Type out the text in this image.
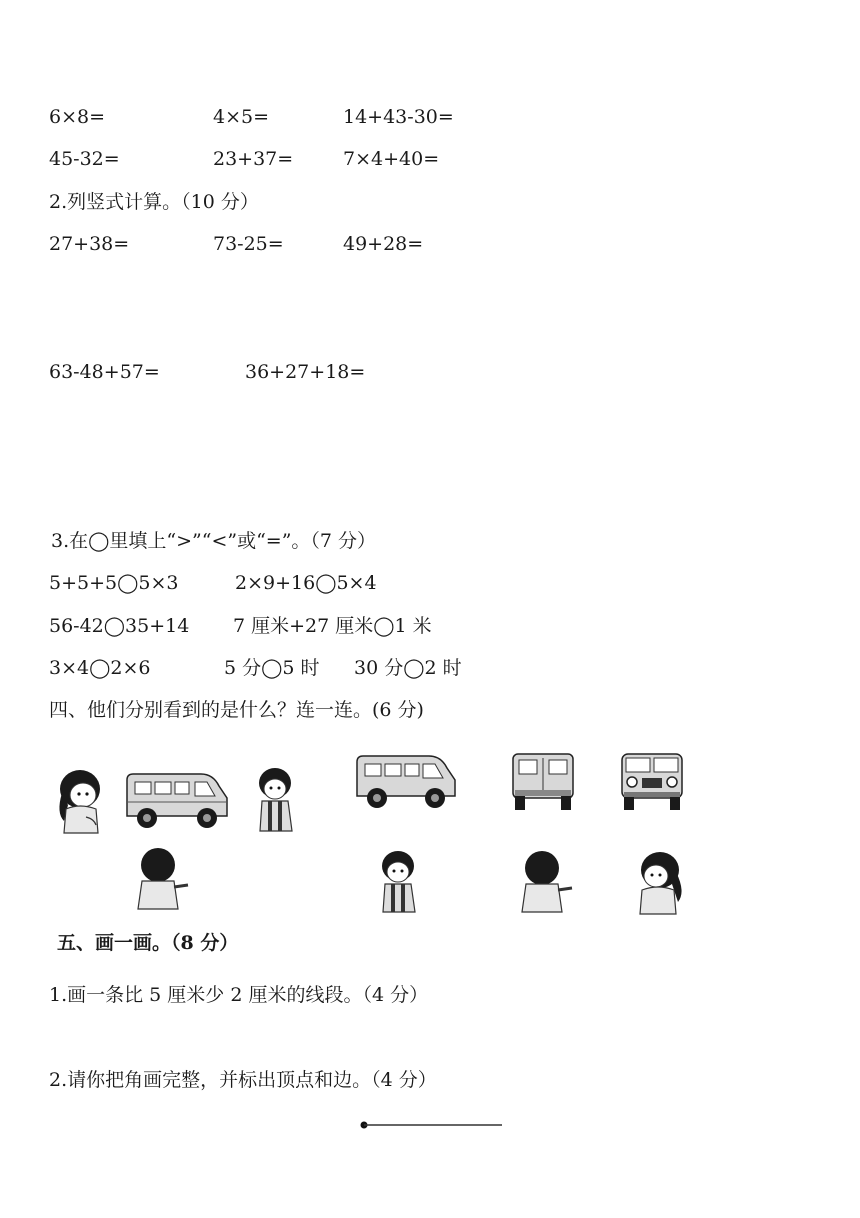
6×8=	4×5=	14+43-30=
45-32=	23+37=	7×4+40=
2.列竖式计算。（10 分）
27+38=	73-25=	49+28=
63-48+57=	36+27+18=
3.在◯里填上“>”“<”或“=”。（7 分）
5+5+5◯5×3	2×9+16◯5×4
56-42◯35+14 7 厘米+27 厘米◯1 米
3×4◯2×6	5 分◯5 时 30 分◯2 时
四、他们分别看到的是什么？连一连。(6 分)
五、画一画。（8 分）
1.画一条比 5 厘米少 2 厘米的线段。（4 分）
2.请你把角画完整，并标出顶点和边。（4 分）
